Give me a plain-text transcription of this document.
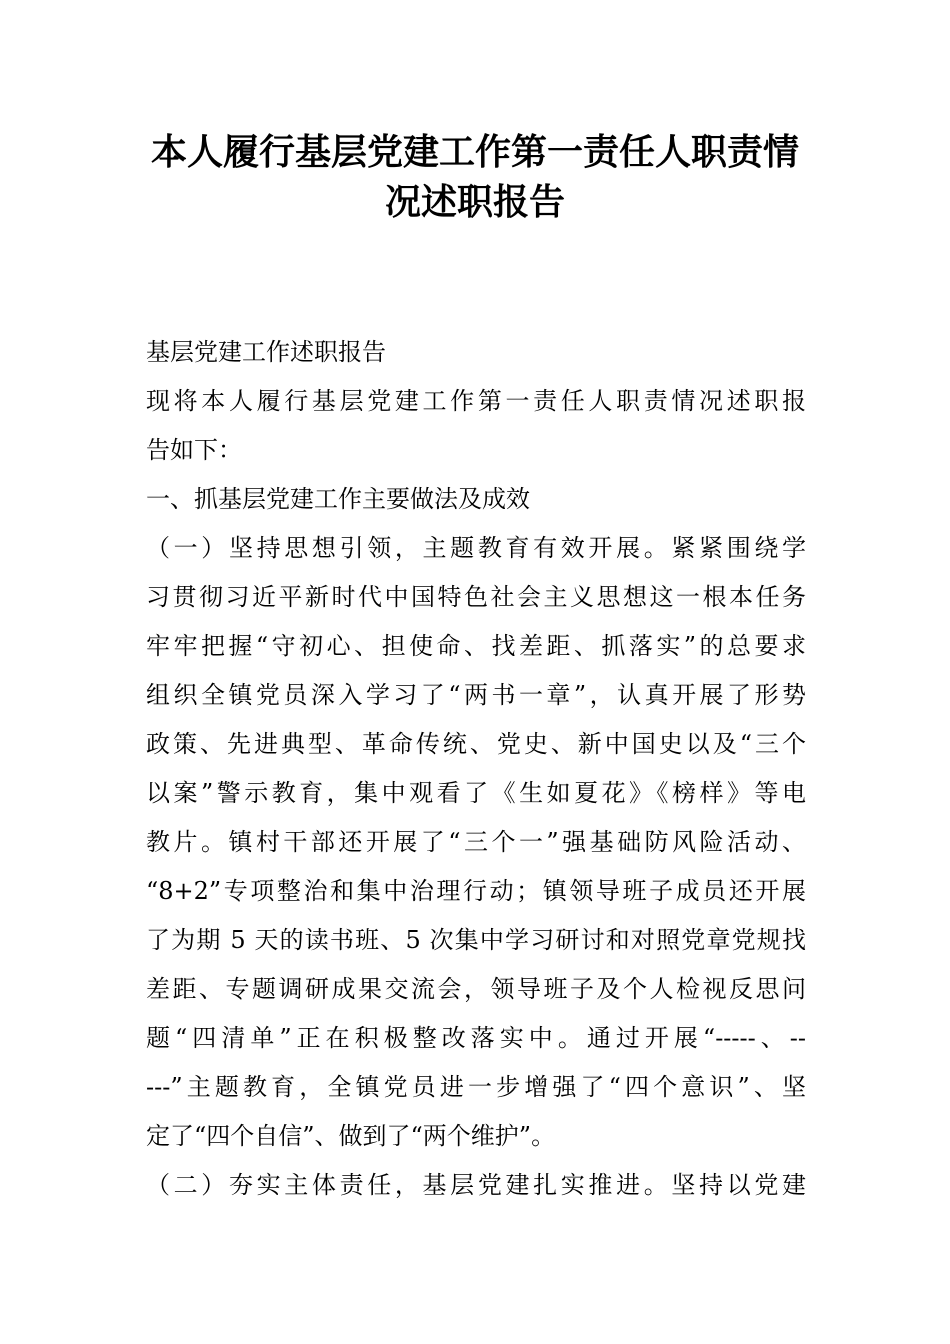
本人履行基层党建工作第一责任人职责情
况述职报告

基层党建工作述职报告

现将本人履行基层党建工作第一责任人职责情况述职报

告如下：

一、抓基层党建工作主要做法及成效

（一）坚持思想引领，主题教育有效开展。紧紧围绕学

习贯彻习近平新时代中国特色社会主义思想这一根本任务

牢牢把握“守初心、担使命、找差距、抓落实”的总要求

组织全镇党员深入学习了“两书一章”，认真开展了形势

政策、先进典型、革命传统、党史、新中国史以及“三个

以案”警示教育，集中观看了《生如夏花》《榜样》等电

教片。镇村干部还开展了“三个一”强基础防风险活动、

“8+2”专项整治和集中治理行动；镇领导班子成员还开展

了为期 5 天的读书班、5 次集中学习研讨和对照党章党规找

差距、专题调研成果交流会，领导班子及个人检视反思问

题“四清单”正在积极整改落实中。通过开展“-----、--

---”主题教育，全镇党员进一步增强了“四个意识”、坚

定了“四个自信”、做到了“两个维护”。

（二）夯实主体责任，基层党建扎实推进。坚持以党建
